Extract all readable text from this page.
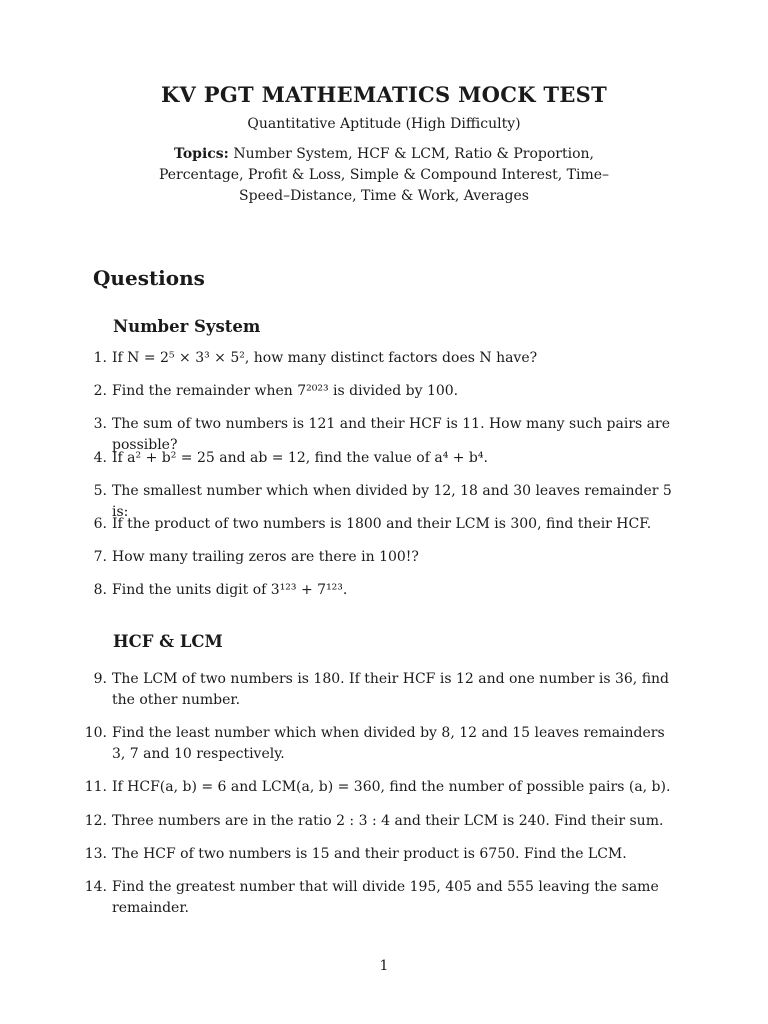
KV PGT MATHEMATICS MOCK TEST
Quantitative Aptitude (High Difficulty)
Topics: Number System, HCF & LCM, Ratio & Proportion, Percentage, Profit & Loss, Simple & Compound Interest, Time–Speed–Distance, Time & Work, Averages
Questions
Number System
1. If N = 2⁵ × 3³ × 5², how many distinct factors does N have?
2. Find the remainder when 7²⁰²³ is divided by 100.
3. The sum of two numbers is 121 and their HCF is 11. How many such pairs are possible?
4. If a² + b² = 25 and ab = 12, find the value of a⁴ + b⁴.
5. The smallest number which when divided by 12, 18 and 30 leaves remainder 5 is:
6. If the product of two numbers is 1800 and their LCM is 300, find their HCF.
7. How many trailing zeros are there in 100!?
8. Find the units digit of 3¹²³ + 7¹²³.
HCF & LCM
9. The LCM of two numbers is 180. If their HCF is 12 and one number is 36, find the other number.
10. Find the least number which when divided by 8, 12 and 15 leaves remainders 3, 7 and 10 respectively.
11. If HCF(a, b) = 6 and LCM(a, b) = 360, find the number of possible pairs (a, b).
12. Three numbers are in the ratio 2 : 3 : 4 and their LCM is 240. Find their sum.
13. The HCF of two numbers is 15 and their product is 6750. Find the LCM.
14. Find the greatest number that will divide 195, 405 and 555 leaving the same remainder.
1
